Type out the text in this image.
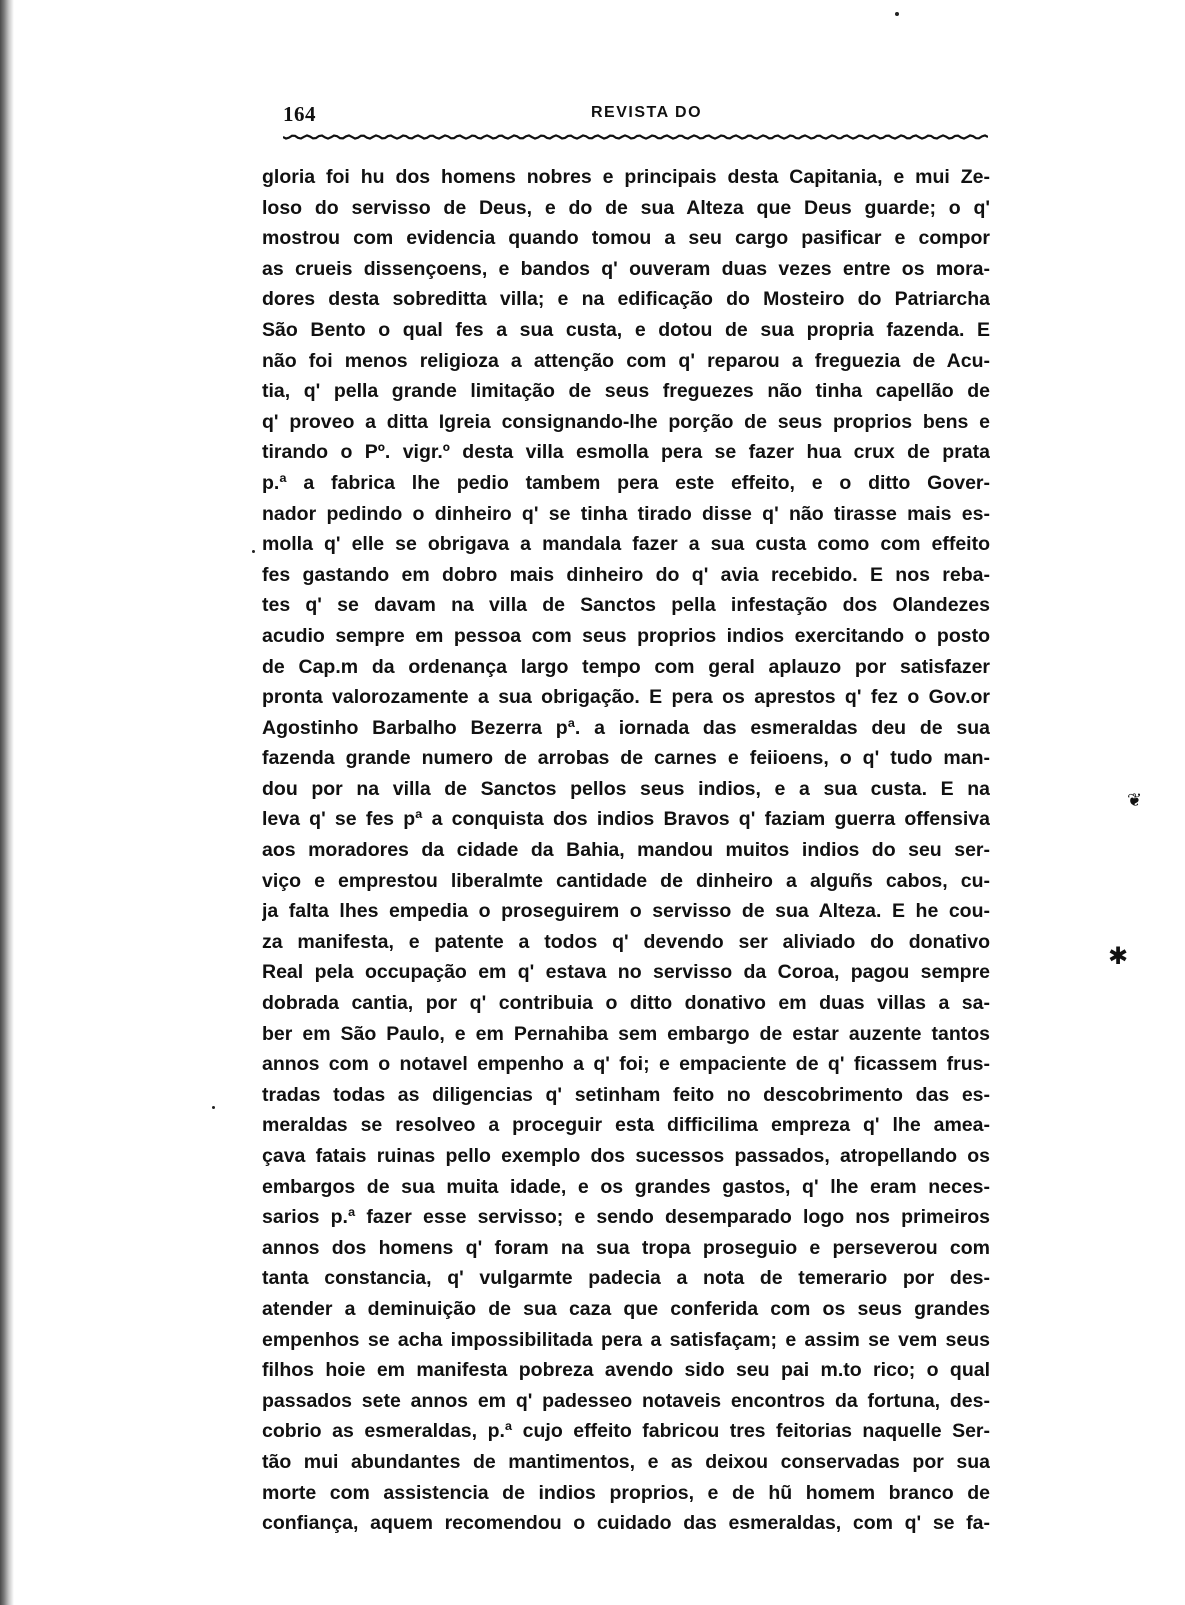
164	REVISTA DO
gloria foi hu dos homens nobres e principais desta Capitania, e mui Ze-
loso do servisso de Deus, e do de sua Alteza que Deus guarde; o q'
mostrou com evidencia quando tomou a seu cargo pasificar e compor
as crueis dissençoens, e bandos q' ouveram duas vezes entre os mora-
dores desta sobreditta villa; e na edificação do Mosteiro do Patriarcha
São Bento o qual fes a sua custa, e dotou de sua propria fazenda. E
não foi menos religioza a attenção com q' reparou a freguezia de Acu-
tia, q' pella grande limitação de seus freguezes não tinha capellão de
q' proveo a ditta Igreia consignando-lhe porção de seus proprios bens e
tirando o Pº. vigr.º desta villa esmolla pera se fazer hua crux de prata
p.ª a fabrica lhe pedio tambem pera este effeito, e o ditto Gover-
nador pedindo o dinheiro q' se tinha tirado disse q' não tirasse mais es-
molla q' elle se obrigava a mandala fazer a sua custa como com effeito
fes gastando em dobro mais dinheiro do q' avia recebido. E nos reba-
tes q' se davam na villa de Sanctos pella infestação dos Olandezes
acudio sempre em pessoa com seus proprios indios exercitando o posto
de Cap.m da ordenança largo tempo com geral aplauzo por satisfazer
pronta valorozamente a sua obrigação. E pera os aprestos q' fez o Gov.or
Agostinho Barbalho Bezerra pª. a iornada das esmeraldas deu de sua
fazenda grande numero de arrobas de carnes e feiioens, o q' tudo man-
dou por na villa de Sanctos pellos seus indios, e a sua custa. E na
leva q' se fes pª a conquista dos indios Bravos q' faziam guerra offensiva
aos moradores da cidade da Bahia, mandou muitos indios do seu ser-
viço e emprestou liberalmte cantidade de dinheiro a alguñs cabos, cu-
ja falta lhes empedia o proseguirem o servisso de sua Alteza. E he cou-
za manifesta, e patente a todos q' devendo ser aliviado do donativo
Real pela occupação em q' estava no servisso da Coroa, pagou sempre
dobrada cantia, por q' contribuia o ditto donativo em duas villas a sa-
ber em São Paulo, e em Pernahiba sem embargo de estar auzente tantos
annos com o notavel empenho a q' foi; e empaciente de q' ficassem frus-
tradas todas as diligencias q' setinham feito no descobrimento das es-
meraldas se resolveo a proceguir esta difficilima empreza q' lhe amea-
çava fatais ruinas pello exemplo dos sucessos passados, atropellando os
embargos de sua muita idade, e os grandes gastos, q' lhe eram neces-
sarios p.ª fazer esse servisso; e sendo desemparado logo nos primeiros
annos dos homens q' foram na sua tropa proseguio e perseverou com
tanta constancia, q' vulgarmte padecia a nota de temerario por des-
atender a deminuição de sua caza que conferida com os seus grandes
empenhos se acha impossibilitada pera a satisfaçam; e assim se vem seus
filhos hoie em manifesta pobreza avendo sido seu pai m.to rico; o qual
passados sete annos em q' padesseo notaveis encontros da fortuna, des-
cobrio as esmeraldas, p.ª cujo effeito fabricou tres feitorias naquelle Ser-
tão mui abundantes de mantimentos, e as deixou conservadas por sua
morte com assistencia de indios proprios, e de hũ homem branco de
confiança, aquem recomendou o cuidado das esmeraldas, com q' se fa-
❦
✱
